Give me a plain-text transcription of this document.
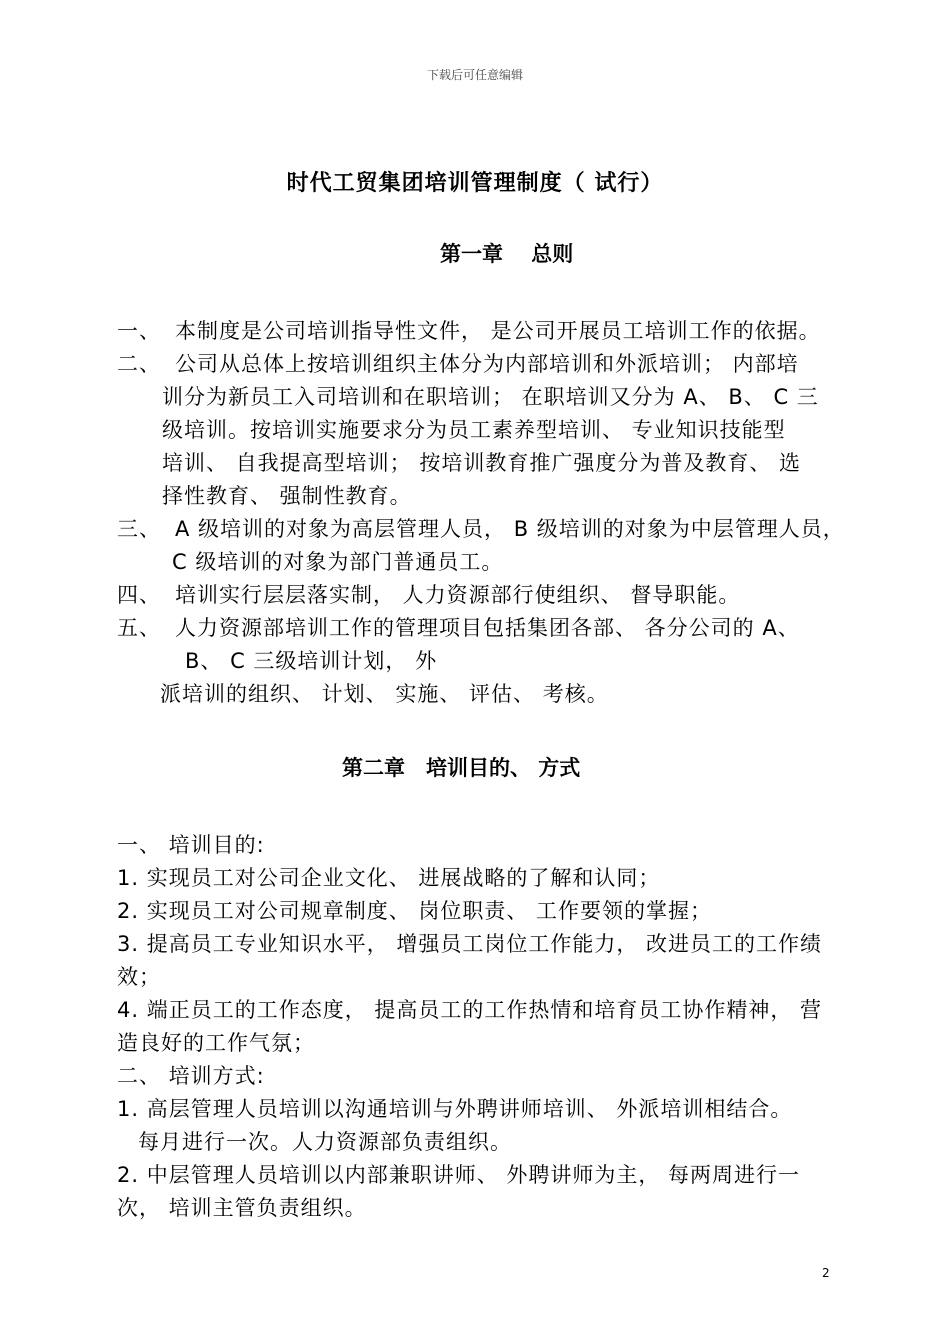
下载后可任意编辑
时代工贸集团培训管理制度（ 试行）
第一章　 总则
一、 本制度是公司培训指导性文件， 是公司开展员工培训工作的依据。
二、 公司从总体上按培训组织主体分为内部培训和外派培训； 内部培
训分为新员工入司培训和在职培训； 在职培训又分为 A、 B、 C 三
级培训。按培训实施要求分为员工素养型培训、 专业知识技能型
培训、 自我提高型培训； 按培训教育推广强度分为普及教育、 选
择性教育、 强制性教育。
三、 A 级培训的对象为高层管理人员， B 级培训的对象为中层管理人员，
C 级培训的对象为部门普通员工。
四、 培训实行层层落实制， 人力资源部行使组织、 督导职能。
五、 人力资源部培训工作的管理项目包括集团各部、 各分公司的 A、
B、 C 三级培训计划， 外
派培训的组织、 计划、 实施、 评估、 考核。
第二章　培训目的、 方式
一、 培训目的:
1. 实现员工对公司企业文化、 进展战略的了解和认同；
2. 实现员工对公司规章制度、 岗位职责、 工作要领的掌握；
3. 提高员工专业知识水平， 增强员工岗位工作能力， 改进员工的工作绩
效；
4. 端正员工的工作态度， 提高员工的工作热情和培育员工协作精神， 营
造良好的工作气氛；
二、 培训方式:
1. 高层管理人员培训以沟通培训与外聘讲师培训、 外派培训相结合。
每月进行一次。人力资源部负责组织。
2. 中层管理人员培训以内部兼职讲师、 外聘讲师为主， 每两周进行一
次， 培训主管负责组织。
2
